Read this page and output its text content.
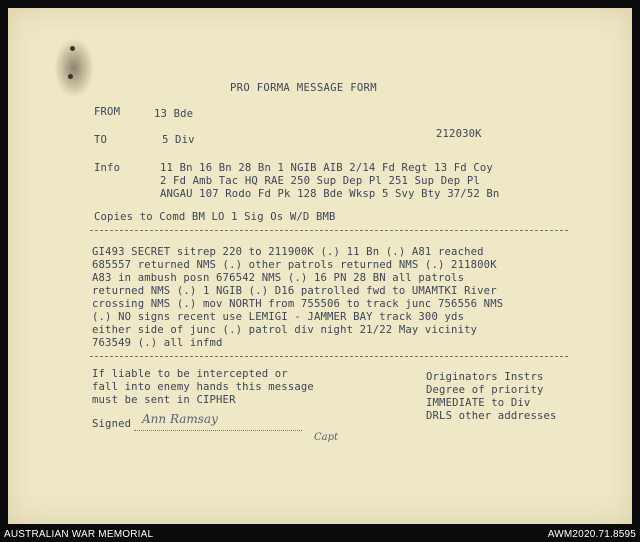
PRO FORMA MESSAGE FORM
FROM	13 Bde
TO	5 Div	212030K
Info	11 Bn 16 Bn 28 Bn 1 NGIB AIB 2/14 Fd Regt 13 Fd Coy
2 Fd Amb Tac HQ RAE 250 Sup Dep Pl 251 Sup Dep Pl
ANGAU 107 Rodo Fd Pk 128 Bde Wksp 5 Svy Bty 37/52 Bn
Copies to Comd BM LO 1 Sig Os W/D BMB
GI493 SECRET sitrep 220 to 211900K (.) 11 Bn (.) A81 reached
685557 returned NMS (.) other patrols returned NMS (.) 211800K
A83 in ambush posn 676542 NMS (.) 16 PN 28 BN all patrols
returned NMS (.) 1 NGIB (.) D16 patrolled fwd to UMAMTKI River
crossing NMS (.) mov NORTH from 755506 to track junc 756556 NMS
(.) NO signs recent use LEMIGI - JAMMER BAY track 300 yds
either side of junc (.) patrol div night 21/22 May vicinity
763549 (.) all infmd
If liable to be intercepted or
fall into enemy hands this message
must be sent in CIPHER
Originators Instrs
Degree of priority
IMMEDIATE to Div
DRLS other addresses
Signed Ann Ramsay
Capt
AUSTRALIAN WAR MEMORIAL	AWM2020.71.8595
